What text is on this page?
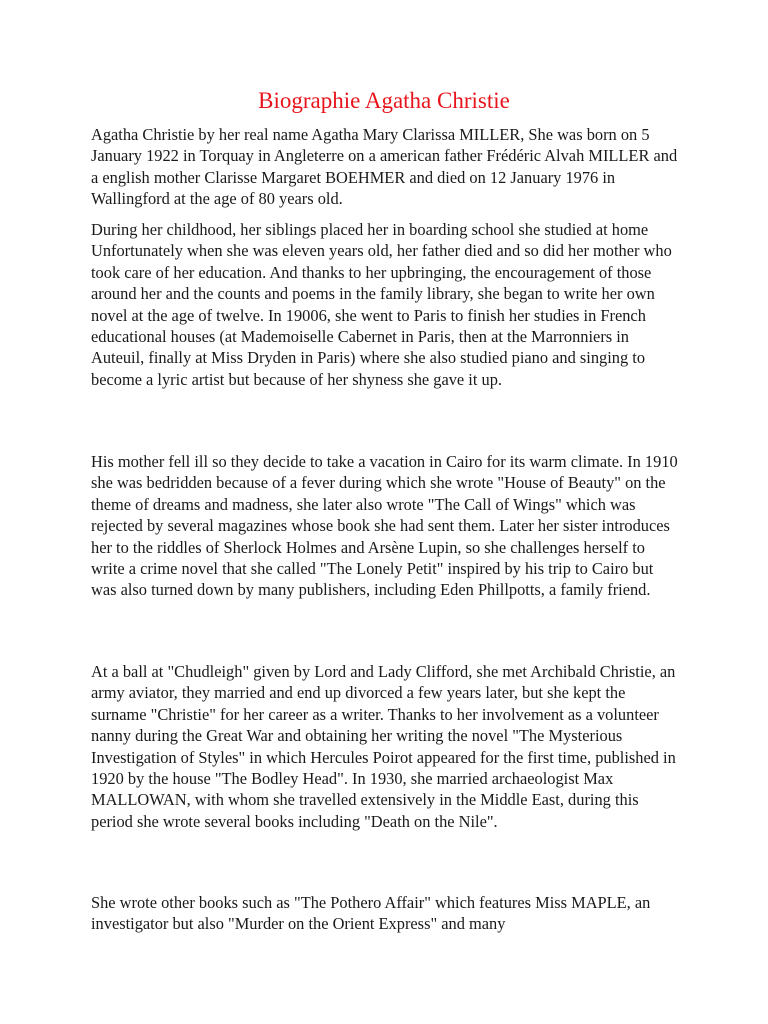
Biographie Agatha Christie

Agatha Christie by her real name Agatha Mary Clarissa MILLER, She was born on 5 January 1922 in Torquay in Angleterre on a american father Frédéric Alvah MILLER and a english mother Clarisse Margaret BOEHMER and died on 12 January 1976 in Wallingford at the age of 80 years old.

During her childhood, her siblings placed her in boarding school she studied at home Unfortunately when she was eleven years old, her father died and so did her mother who took care of her education. And thanks to her upbringing, the encouragement of those around her and the counts and poems in the family library, she began to write her own novel at the age of twelve. In 19006, she went to Paris to finish her studies in French educational houses (at Mademoiselle Cabernet in Paris, then at the Marronniers in Auteuil, finally at Miss Dryden in Paris) where she also studied piano and singing to become a lyric artist but because of her shyness she gave it up.

His mother fell ill so they decide to take a vacation in Cairo for its warm climate. In 1910 she was bedridden because of a fever during which she wrote "House of Beauty" on the theme of dreams and madness, she later also wrote "The Call of Wings" which was rejected by several magazines whose book she had sent them. Later her sister introduces her to the riddles of Sherlock Holmes and Arsène Lupin, so she challenges herself to write a crime novel that she called "The Lonely Petit" inspired by his trip to Cairo but was also turned down by many publishers, including Eden Phillpotts, a family friend.

At a ball at "Chudleigh" given by Lord and Lady Clifford, she met Archibald Christie, an army aviator, they married and end up divorced a few years later, but she kept the surname "Christie" for her career as a writer. Thanks to her involvement as a volunteer nanny during the Great War and obtaining her writing the novel "The Mysterious Investigation of Styles" in which Hercules Poirot appeared for the first time, published in 1920 by the house "The Bodley Head". In 1930, she married archaeologist Max MALLOWAN, with whom she travelled extensively in the Middle East, during this period she wrote several books including "Death on the Nile".

She wrote other books such as "The Pothero Affair" which features Miss MAPLE, an investigator but also "Murder on the Orient Express" and many
